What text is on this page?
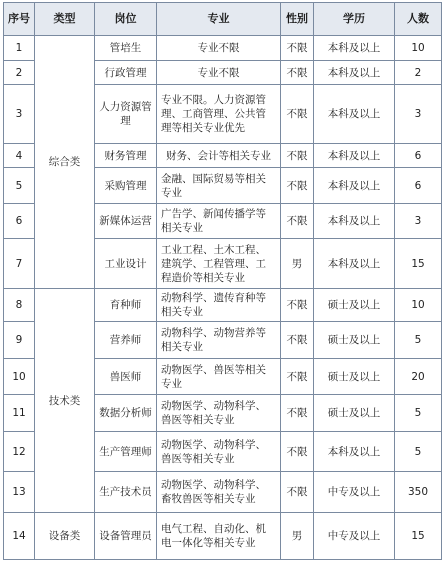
序号	类型	岗位	专业	性别	学历	人数
1	综合类	管培生	专业不限	不限	本科及以上	10
2		行政管理	专业不限	不限	本科及以上	2
3		人力资源管理	专业不限。人力资源管理、工商管理、公共管理等相关专业优先	不限	本科及以上	3
4		财务管理	财务、会计等相关专业	不限	本科及以上	6
5		采购管理	金融、国际贸易等相关专业	不限	本科及以上	6
6		新媒体运营	广告学、新闻传播学等相关专业	不限	本科及以上	3
7		工业设计	工业工程、土木工程、建筑学、工程管理、工程造价等相关专业	男	本科及以上	15
8	技术类	育种师	动物科学、遗传育种等相关专业	不限	硕士及以上	10
9		营养师	动物科学、动物营养等相关专业	不限	硕士及以上	5
10		兽医师	动物医学、兽医等相关专业	不限	硕士及以上	20
11		数据分析师	动物医学、动物科学、兽医等相关专业	不限	硕士及以上	5
12		生产管理师	动物医学、动物科学、兽医等相关专业	不限	本科及以上	5
13		生产技术员	动物医学、动物科学、畜牧兽医等相关专业	不限	中专及以上	350
14	设备类	设备管理员	电气工程、自动化、机电一体化等相关专业	男	中专及以上	15
